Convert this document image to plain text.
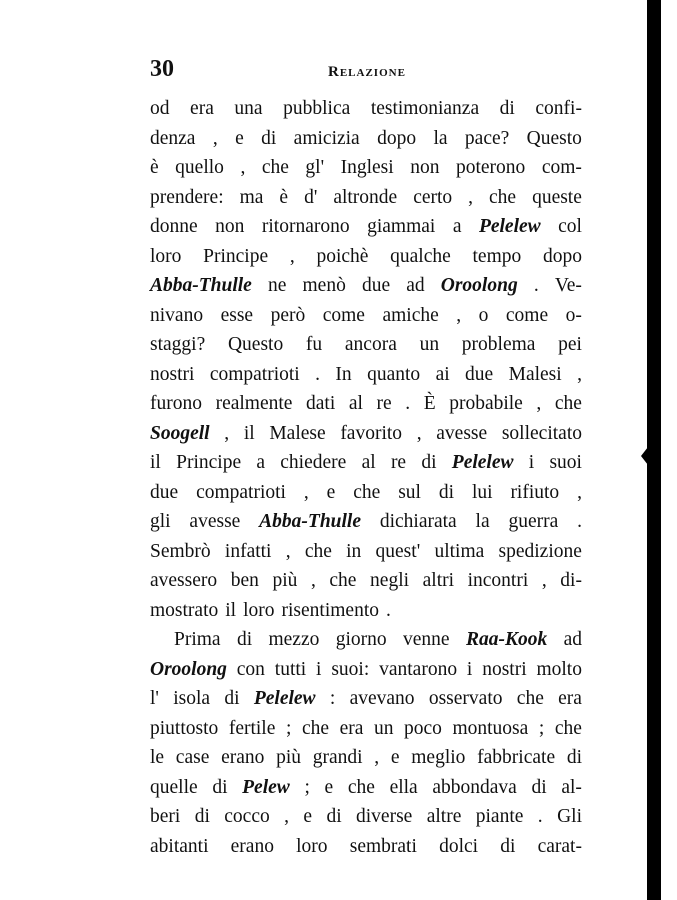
30	Relazione
od era una pubblica testimonianza di confi-
denza , e di amicizia dopo la pace? Questo
è quello , che gl' Inglesi non poterono com-
prendere: ma è d' altronde certo , che queste
donne non ritornarono giammai a Pelelew col
loro Principe , poichè qualche tempo dopo
Abba-Thulle ne menò due ad Oroolong . Ve-
nivano esse però come amiche , o come o-
staggi? Questo fu ancora un problema pei
nostri compatrioti . In quanto ai due Malesi ,
furono realmente dati al re . È probabile , che
Soogell , il Malese favorito , avesse sollecitato
il Principe a chiedere al re di Pelelew i suoi
due compatrioti , e che sul di lui rifiuto ,
gli avesse Abba-Thulle dichiarata la guerra .
Sembrò infatti , che in quest' ultima spedizione
avessero ben più , che negli altri incontri , di-
mostrato il loro risentimento .
Prima di mezzo giorno venne Raa-Kook ad
Oroolong con tutti i suoi: vantarono i nostri molto
l' isola di Pelelew : avevano osservato che era
piuttosto fertile ; che era un poco montuosa ; che
le case erano più grandi , e meglio fabbricate di
quelle di Pelew ; e che ella abbondava di al-
beri di cocco , e di diverse altre piante . Gli
abitanti erano loro sembrati dolci di carat-
